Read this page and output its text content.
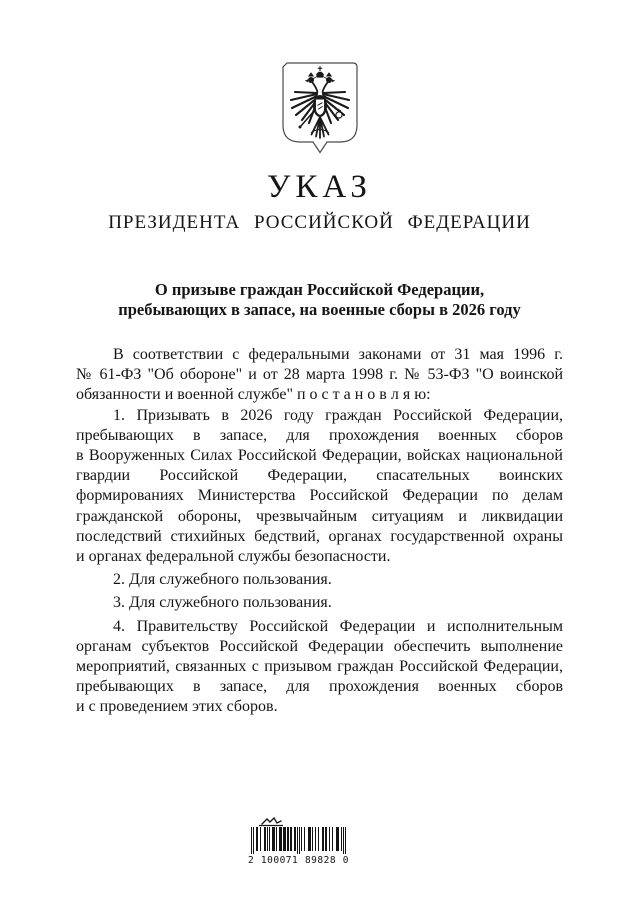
УКАЗ
ПРЕЗИДЕНТА РОССИЙСКОЙ ФЕДЕРАЦИИ
О призыве граждан Российской Федерации,
пребывающих в запасе, на военные сборы в 2026 году
В соответствии с федеральными законами от 31 мая 1996 г.
№ 61-ФЗ "Об обороне" и от 28 марта 1998 г. № 53-ФЗ "О воинской
обязанности и военной службе" п о с т а н о в л я ю:
1. Призывать в 2026 году граждан Российской Федерации,
пребывающих в запасе, для прохождения военных сборов
в Вооруженных Силах Российской Федерации, войсках национальной
гвардии Российской Федерации, спасательных воинских
формированиях Министерства Российской Федерации по делам
гражданской обороны, чрезвычайным ситуациям и ликвидации
последствий стихийных бедствий, органах государственной охраны
и органах федеральной службы безопасности.
2. Для служебного пользования.
3. Для служебного пользования.
4. Правительству Российской Федерации и исполнительным
органам субъектов Российской Федерации обеспечить выполнение
мероприятий, связанных с призывом граждан Российской Федерации,
пребывающих в запасе, для прохождения военных сборов
и с проведением этих сборов.
2 100071 89828 0
